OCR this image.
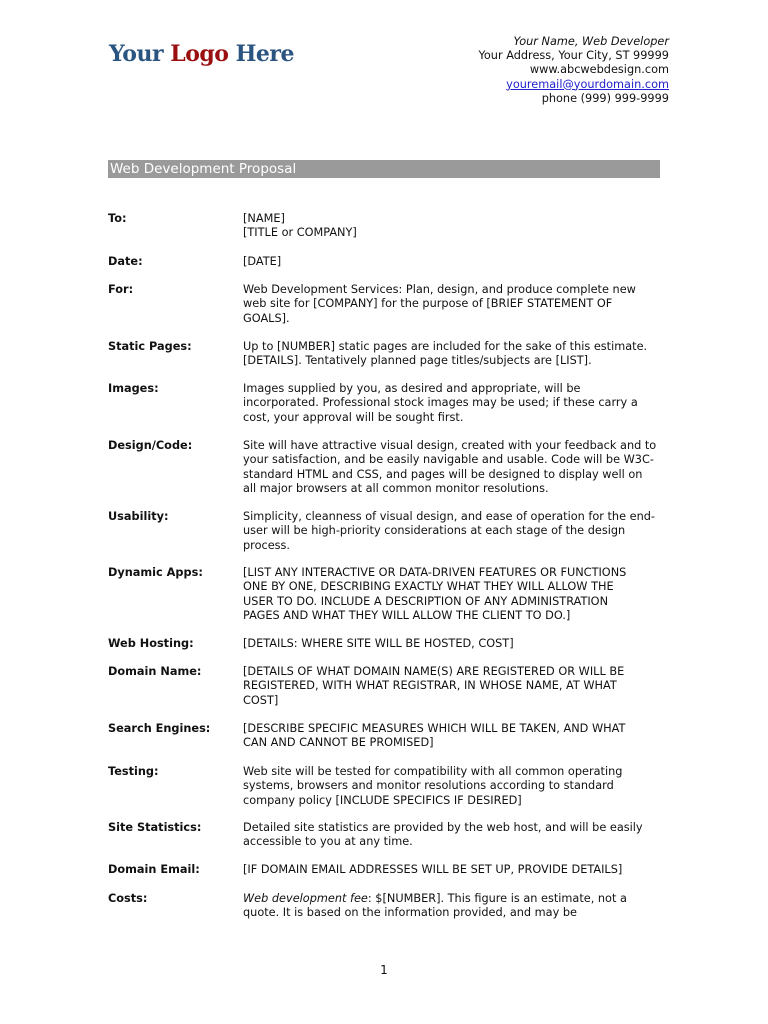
Your Logo Here	Your Name, Web Developer
Your Address, Your City, ST 99999
www.abcwebdesign.com
youremail@yourdomain.com
phone (999) 999-9999
Web Development Proposal
To:	[NAME]
[TITLE or COMPANY]
Date:	[DATE]
For:	Web Development Services: Plan, design, and produce complete new
web site for [COMPANY] for the purpose of [BRIEF STATEMENT OF
GOALS].
Static Pages:	Up to [NUMBER] static pages are included for the sake of this estimate.
[DETAILS]. Tentatively planned page titles/subjects are [LIST].
Images:	Images supplied by you, as desired and appropriate, will be
incorporated. Professional stock images may be used; if these carry a
cost, your approval will be sought first.
Design/Code:	Site will have attractive visual design, created with your feedback and to
your satisfaction, and be easily navigable and usable. Code will be W3C-
standard HTML and CSS, and pages will be designed to display well on
all major browsers at all common monitor resolutions.
Usability:	Simplicity, cleanness of visual design, and ease of operation for the end-
user will be high-priority considerations at each stage of the design
process.
Dynamic Apps:	[LIST ANY INTERACTIVE OR DATA-DRIVEN FEATURES OR FUNCTIONS
ONE BY ONE, DESCRIBING EXACTLY WHAT THEY WILL ALLOW THE
USER TO DO. INCLUDE A DESCRIPTION OF ANY ADMINISTRATION
PAGES AND WHAT THEY WILL ALLOW THE CLIENT TO DO.]
Web Hosting:	[DETAILS: WHERE SITE WILL BE HOSTED, COST]
Domain Name:	[DETAILS OF WHAT DOMAIN NAME(S) ARE REGISTERED OR WILL BE
REGISTERED, WITH WHAT REGISTRAR, IN WHOSE NAME, AT WHAT
COST]
Search Engines:	[DESCRIBE SPECIFIC MEASURES WHICH WILL BE TAKEN, AND WHAT
CAN AND CANNOT BE PROMISED]
Testing:	Web site will be tested for compatibility with all common operating
systems, browsers and monitor resolutions according to standard
company policy [INCLUDE SPECIFICS IF DESIRED]
Site Statistics:	Detailed site statistics are provided by the web host, and will be easily
accessible to you at any time.
Domain Email:	[IF DOMAIN EMAIL ADDRESSES WILL BE SET UP, PROVIDE DETAILS]
Costs:	Web development fee: $[NUMBER]. This figure is an estimate, not a
quote. It is based on the information provided, and may be
1
